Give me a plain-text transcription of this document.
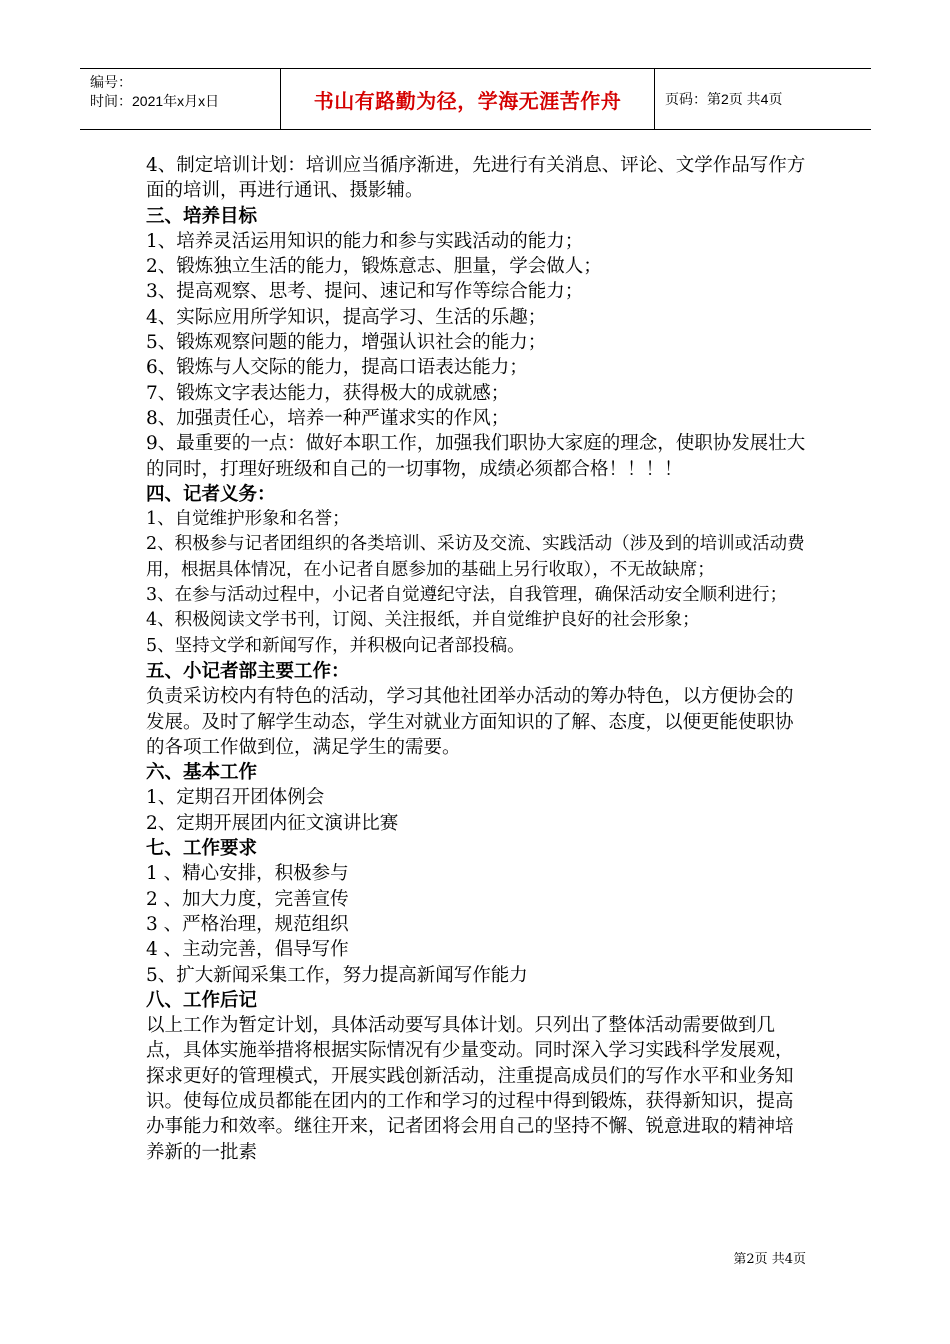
编号：
时间：2021年x月x日	书山有路勤为径，学海无涯苦作舟	页码：第2页 共4页

4、制定培训计划：培训应当循序渐进，先进行有关消息、评论、文学作品写作方面的培训，再进行通讯、摄影辅。

三、培养目标

1、培养灵活运用知识的能力和参与实践活动的能力；

2、锻炼独立生活的能力，锻炼意志、胆量，学会做人；

3、提高观察、思考、提问、速记和写作等综合能力；

4、实际应用所学知识，提高学习、生活的乐趣；

5、锻炼观察问题的能力，增强认识社会的能力；

6、锻炼与人交际的能力，提高口语表达能力；

7、锻炼文字表达能力，获得极大的成就感；

8、加强责任心，培养一种严谨求实的作风；

9、最重要的一点：做好本职工作，加强我们职协大家庭的理念，使职协发展壮大的同时，打理好班级和自己的一切事物，成绩必须都合格！！！！

四、记者义务：

1、自觉维护形象和名誉；

2、积极参与记者团组织的各类培训、采访及交流、实践活动（涉及到的培训或活动费用，根据具体情况，在小记者自愿参加的基础上另行收取），不无故缺席；

3、在参与活动过程中，小记者自觉遵纪守法，自我管理，确保活动安全顺利进行；

4、积极阅读文学书刊，订阅、关注报纸，并自觉维护良好的社会形象；

5、坚持文学和新闻写作，并积极向记者部投稿。

五、小记者部主要工作：

负责采访校内有特色的活动，学习其他社团举办活动的筹办特色，以方便协会的发展。及时了解学生动态，学生对就业方面知识的了解、态度，以便更能使职协的各项工作做到位，满足学生的需要。

六、基本工作

1、定期召开团体例会

2、定期开展团内征文演讲比赛

七、工作要求

1 、精心安排，积极参与

2 、加大力度，完善宣传

3 、严格治理，规范组织

4 、主动完善，倡导写作

5、扩大新闻采集工作，努力提高新闻写作能力

八、工作后记

以上工作为暂定计划，具体活动要写具体计划。只列出了整体活动需要做到几点，具体实施举措将根据实际情况有少量变动。同时深入学习实践科学发展观，探求更好的管理模式，开展实践创新活动，注重提高成员们的写作水平和业务知识。使每位成员都能在团内的工作和学习的过程中得到锻炼，获得新知识，提高办事能力和效率。继往开来，记者团将会用自己的坚持不懈、锐意进取的精神培养新的一批素

第2页 共4页
